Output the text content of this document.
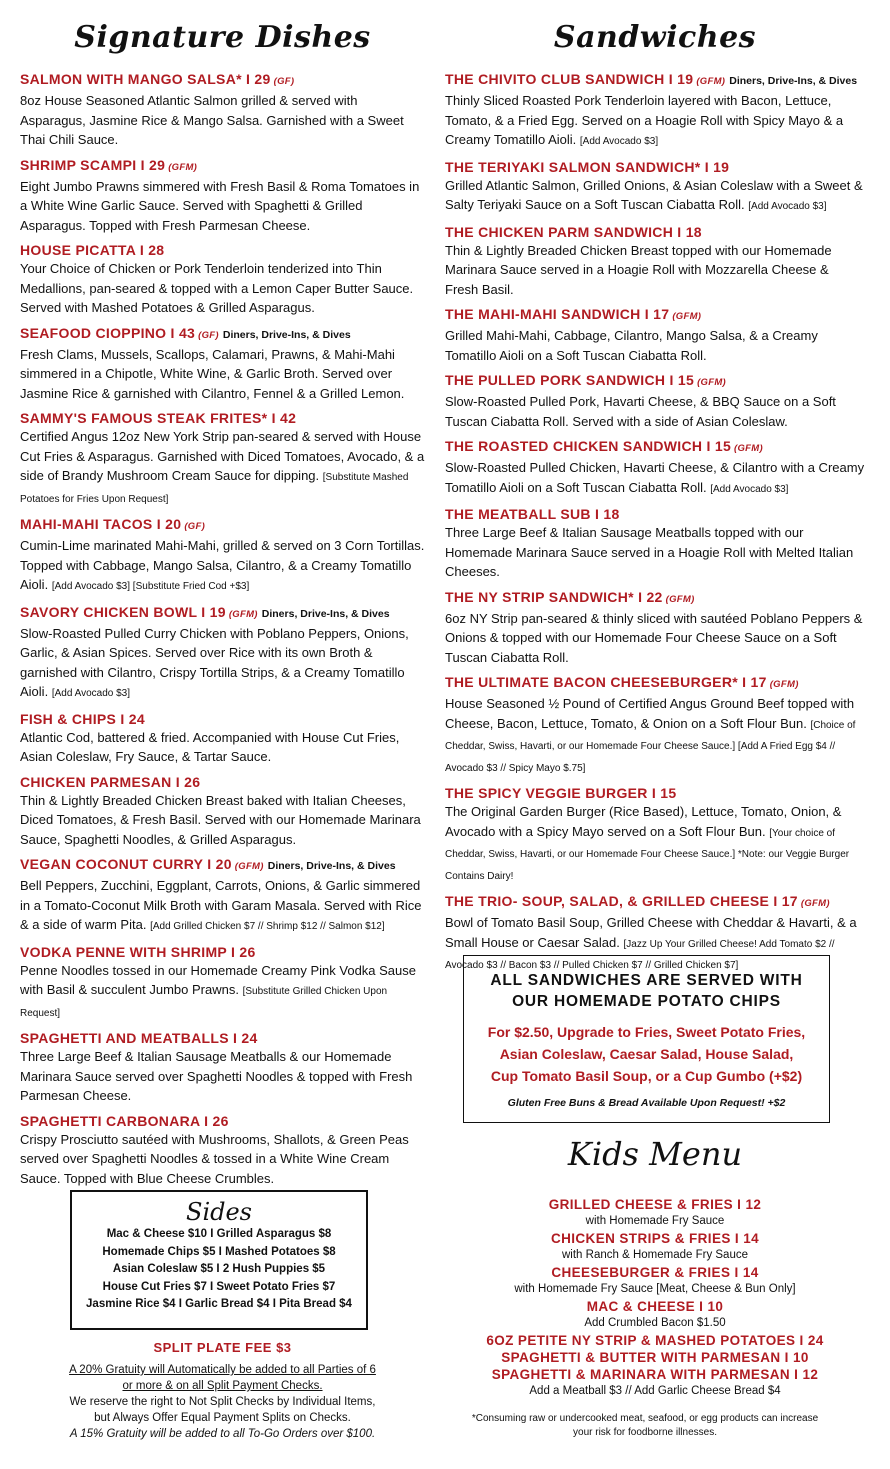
Signature Dishes
SALMON WITH MANGO SALSA* I 29 (GF)
8oz House Seasoned Atlantic Salmon grilled & served with Asparagus, Jasmine Rice & Mango Salsa. Garnished with a Sweet Thai Chili Sauce.
SHRIMP SCAMPI I 29 (GFM)
Eight Jumbo Prawns simmered with Fresh Basil & Roma Tomatoes in a White Wine Garlic Sauce. Served with Spaghetti & Grilled Asparagus. Topped with Fresh Parmesan Cheese.
HOUSE PICATTA I 28
Your Choice of Chicken or Pork Tenderloin tenderized into Thin Medallions, pan-seared & topped with a Lemon Caper Butter Sauce. Served with Mashed Potatoes & Grilled Asparagus.
SEAFOOD CIOPPINO I 43 (GF) Diners, Drive-Ins, & Dives
Fresh Clams, Mussels, Scallops, Calamari, Prawns, & Mahi-Mahi simmered in a Chipotle, White Wine, & Garlic Broth. Served over Jasmine Rice & garnished with Cilantro, Fennel & a Grilled Lemon.
SAMMY'S FAMOUS STEAK FRITES* I 42
Certified Angus 12oz New York Strip pan-seared & served with House Cut Fries & Asparagus. Garnished with Diced Tomatoes, Avocado, & a side of Brandy Mushroom Cream Sauce for dipping. [Substitute Mashed Potatoes for Fries Upon Request]
MAHI-MAHI TACOS I 20 (GF)
Cumin-Lime marinated Mahi-Mahi, grilled & served on 3 Corn Tortillas. Topped with Cabbage, Mango Salsa, Cilantro, & a Creamy Tomatillo Aioli. [Add Avocado $3] [Substitute Fried Cod +$3]
SAVORY CHICKEN BOWL I 19 (GFM) Diners, Drive-Ins, & Dives
Slow-Roasted Pulled Curry Chicken with Poblano Peppers, Onions, Garlic, & Asian Spices. Served over Rice with its own Broth & garnished with Cilantro, Crispy Tortilla Strips, & a Creamy Tomatillo Aioli. [Add Avocado $3]
FISH & CHIPS I 24
Atlantic Cod, battered & fried. Accompanied with House Cut Fries, Asian Coleslaw, Fry Sauce, & Tartar Sauce.
CHICKEN PARMESAN I 26
Thin & Lightly Breaded Chicken Breast baked with Italian Cheeses, Diced Tomatoes, & Fresh Basil. Served with our Homemade Marinara Sauce, Spaghetti Noodles, & Grilled Asparagus.
VEGAN COCONUT CURRY I 20 (GFM) Diners, Drive-Ins, & Dives
Bell Peppers, Zucchini, Eggplant, Carrots, Onions, & Garlic simmered in a Tomato-Coconut Milk Broth with Garam Masala. Served with Rice & a side of warm Pita. [Add Grilled Chicken $7 // Shrimp $12 // Salmon $12]
VODKA PENNE WITH SHRIMP I 26
Penne Noodles tossed in our Homemade Creamy Pink Vodka Sause with Basil & succulent Jumbo Prawns. [Substitute Grilled Chicken Upon Request]
SPAGHETTI AND MEATBALLS I 24
Three Large Beef & Italian Sausage Meatballs & our Homemade Marinara Sauce served over Spaghetti Noodles & topped with Fresh Parmesan Cheese.
SPAGHETTI CARBONARA I 26
Crispy Prosciutto sautéed with Mushrooms, Shallots, & Green Peas served over Spaghetti Noodles & tossed in a White Wine Cream Sauce. Topped with Blue Cheese Crumbles.
Sandwiches
THE CHIVITO CLUB SANDWICH I 19 (GFM) Diners, Drive-Ins, & Dives
Thinly Sliced Roasted Pork Tenderloin layered with Bacon, Lettuce, Tomato, & a Fried Egg. Served on a Hoagie Roll with Spicy Mayo & a Creamy Tomatillo Aioli. [Add Avocado $3]
THE TERIYAKI SALMON SANDWICH* I 19
Grilled Atlantic Salmon, Grilled Onions, & Asian Coleslaw with a Sweet & Salty Teriyaki Sauce on a Soft Tuscan Ciabatta Roll. [Add Avocado $3]
THE CHICKEN PARM SANDWICH I 18
Thin & Lightly Breaded Chicken Breast topped with our Homemade Marinara Sauce served in a Hoagie Roll with Mozzarella Cheese & Fresh Basil.
THE MAHI-MAHI SANDWICH I 17 (GFM)
Grilled Mahi-Mahi, Cabbage, Cilantro, Mango Salsa, & a Creamy Tomatillo Aioli on a Soft Tuscan Ciabatta Roll.
THE PULLED PORK SANDWICH I 15 (GFM)
Slow-Roasted Pulled Pork, Havarti Cheese, & BBQ Sauce on a Soft Tuscan Ciabatta Roll. Served with a side of Asian Coleslaw.
THE ROASTED CHICKEN SANDWICH I 15 (GFM)
Slow-Roasted Pulled Chicken, Havarti Cheese, & Cilantro with a Creamy Tomatillo Aioli on a Soft Tuscan Ciabatta Roll. [Add Avocado $3]
THE MEATBALL SUB I 18
Three Large Beef & Italian Sausage Meatballs topped with our Homemade Marinara Sauce served in a Hoagie Roll with Melted Italian Cheeses.
THE NY STRIP SANDWICH* I 22 (GFM)
6oz NY Strip pan-seared & thinly sliced with sautéed Poblano Peppers & Onions & topped with our Homemade Four Cheese Sauce on a Soft Tuscan Ciabatta Roll.
THE ULTIMATE BACON CHEESEBURGER* I 17 (GFM)
House Seasoned ½ Pound of Certified Angus Ground Beef topped with Cheese, Bacon, Lettuce, Tomato, & Onion on a Soft Flour Bun. [Choice of Cheddar, Swiss, Havarti, or our Homemade Four Cheese Sauce.] [Add A Fried Egg $4 // Avocado $3 // Spicy Mayo $.75]
THE SPICY VEGGIE BURGER I 15
The Original Garden Burger (Rice Based), Lettuce, Tomato, Onion, & Avocado with a Spicy Mayo served on a Soft Flour Bun. [Your choice of Cheddar, Swiss, Havarti, or our Homemade Four Cheese Sauce.] *Note: our Veggie Burger Contains Dairy!
THE TRIO- SOUP, SALAD, & GRILLED CHEESE I 17 (GFM)
Bowl of Tomato Basil Soup, Grilled Cheese with Cheddar & Havarti, & a Small House or Caesar Salad. [Jazz Up Your Grilled Cheese! Add Tomato $2 // Avocado $3 // Bacon $3 // Pulled Chicken $7 // Grilled Chicken $7]
Sides
Mac & Cheese $10 I Grilled Asparagus $8
Homemade Chips $5 I Mashed Potatoes $8
Asian Coleslaw $5 I 2 Hush Puppies $5
House Cut Fries $7 I Sweet Potato Fries $7
Jasmine Rice $4 I Garlic Bread $4 I Pita Bread $4
SPLIT PLATE FEE $3
A 20% Gratuity will Automatically be added to all Parties of 6
or more & on all Split Payment Checks.
We reserve the right to Not Split Checks by Individual Items,
but Always Offer Equal Payment Splits on Checks.
A 15% Gratuity will be added to all To-Go Orders over $100.
ALL SANDWICHES ARE SERVED WITH
OUR HOMEMADE POTATO CHIPS
For $2.50, Upgrade to Fries, Sweet Potato Fries,
Asian Coleslaw, Caesar Salad, House Salad,
Cup Tomato Basil Soup, or a Cup Gumbo (+$2)
Gluten Free Buns & Bread Available Upon Request! +$2
Kids Menu
GRILLED CHEESE & FRIES I 12
with Homemade Fry Sauce
CHICKEN STRIPS & FRIES I 14
with Ranch & Homemade Fry Sauce
CHEESEBURGER & FRIES I 14
with Homemade Fry Sauce [Meat, Cheese & Bun Only]
MAC & CHEESE I 10
Add Crumbled Bacon $1.50
6OZ PETITE NY STRIP & MASHED POTATOES I 24
SPAGHETTI & BUTTER WITH PARMESAN I 10
SPAGHETTI & MARINARA WITH PARMESAN I 12
Add a Meatball $3 // Add Garlic Cheese Bread $4
*Consuming raw or undercooked meat, seafood, or egg products can increase your risk for foodborne illnesses.
